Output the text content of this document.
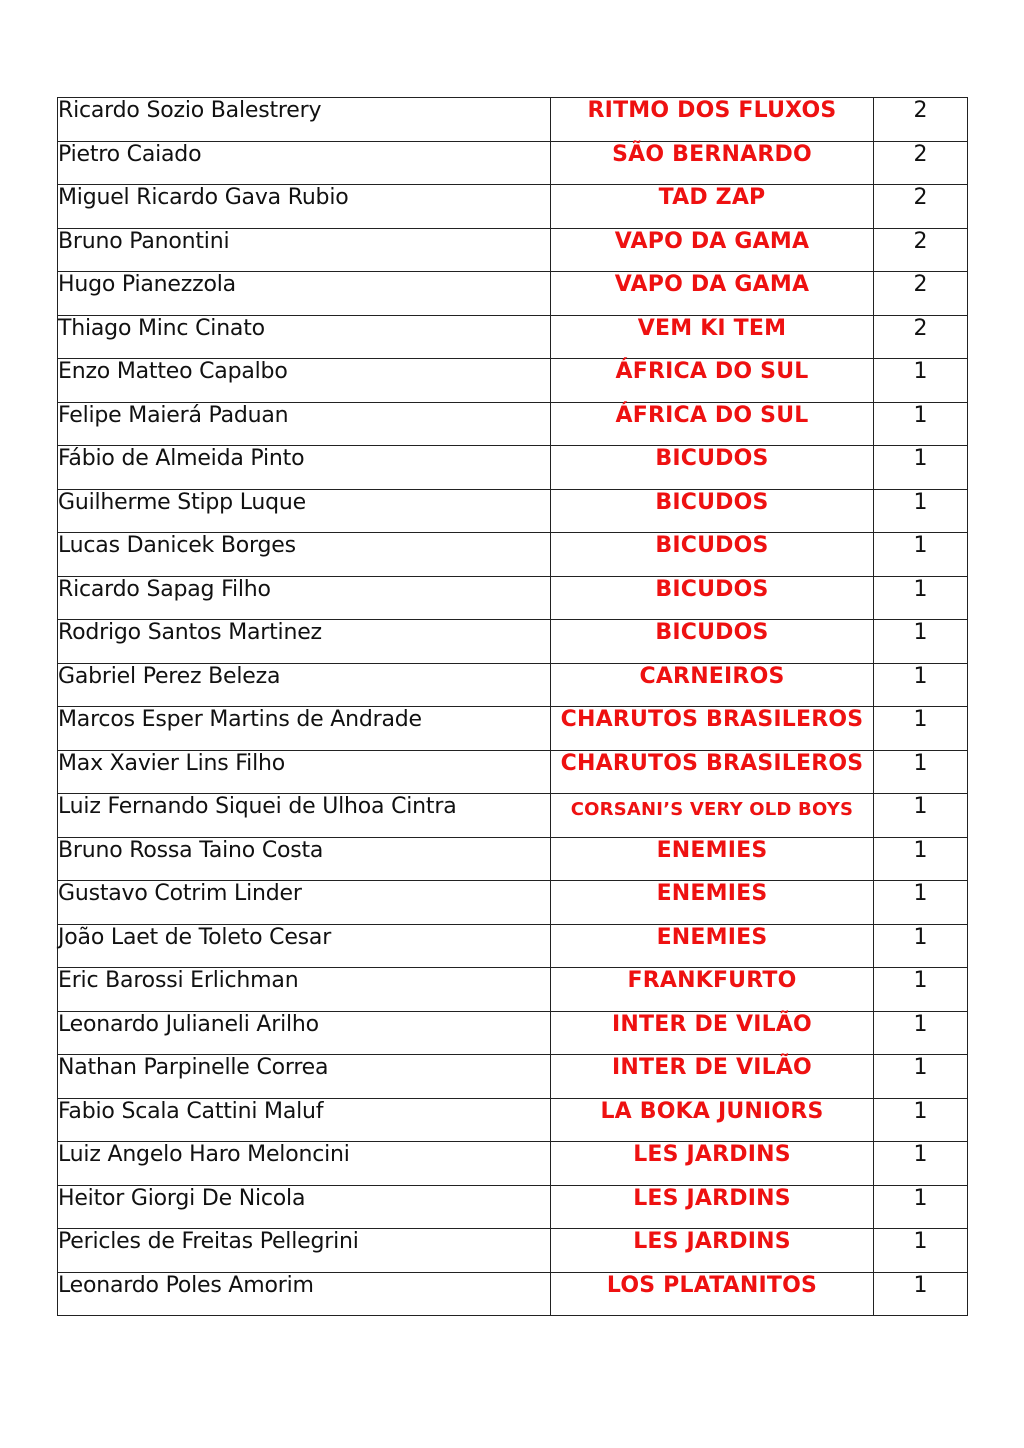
Ricardo Sozio Balestrery	RITMO DOS FLUXOS	2
Pietro Caiado	SÃO BERNARDO	2
Miguel Ricardo Gava Rubio	TAD ZAP	2
Bruno Panontini	VAPO DA GAMA	2
Hugo Pianezzola	VAPO DA GAMA	2
Thiago Minc Cinato	VEM KI TEM	2
Enzo Matteo Capalbo	ÁFRICA DO SUL	1
Felipe Maierá Paduan	ÁFRICA DO SUL	1
Fábio de Almeida Pinto	BICUDOS	1
Guilherme Stipp Luque	BICUDOS	1
Lucas Danicek Borges	BICUDOS	1
Ricardo Sapag Filho	BICUDOS	1
Rodrigo Santos Martinez	BICUDOS	1
Gabriel Perez Beleza	CARNEIROS	1
Marcos Esper Martins de Andrade	CHARUTOS BRASILEROS	1
Max Xavier Lins Filho	CHARUTOS BRASILEROS	1
Luiz Fernando Siquei de Ulhoa Cintra	CORSANI’S VERY OLD BOYS	1
Bruno Rossa Taino Costa	ENEMIES	1
Gustavo Cotrim Linder	ENEMIES	1
João Laet de Toleto Cesar	ENEMIES	1
Eric Barossi Erlichman	FRANKFURTO	1
Leonardo Julianeli Arilho	INTER DE VILÃO	1
Nathan Parpinelle Correa	INTER DE VILÃO	1
Fabio Scala Cattini Maluf	LA BOKA JUNIORS	1
Luiz Angelo Haro Meloncini	LES JARDINS	1
Heitor Giorgi De Nicola	LES JARDINS	1
Pericles de Freitas Pellegrini	LES JARDINS	1
Leonardo Poles Amorim	LOS PLATANITOS	1
